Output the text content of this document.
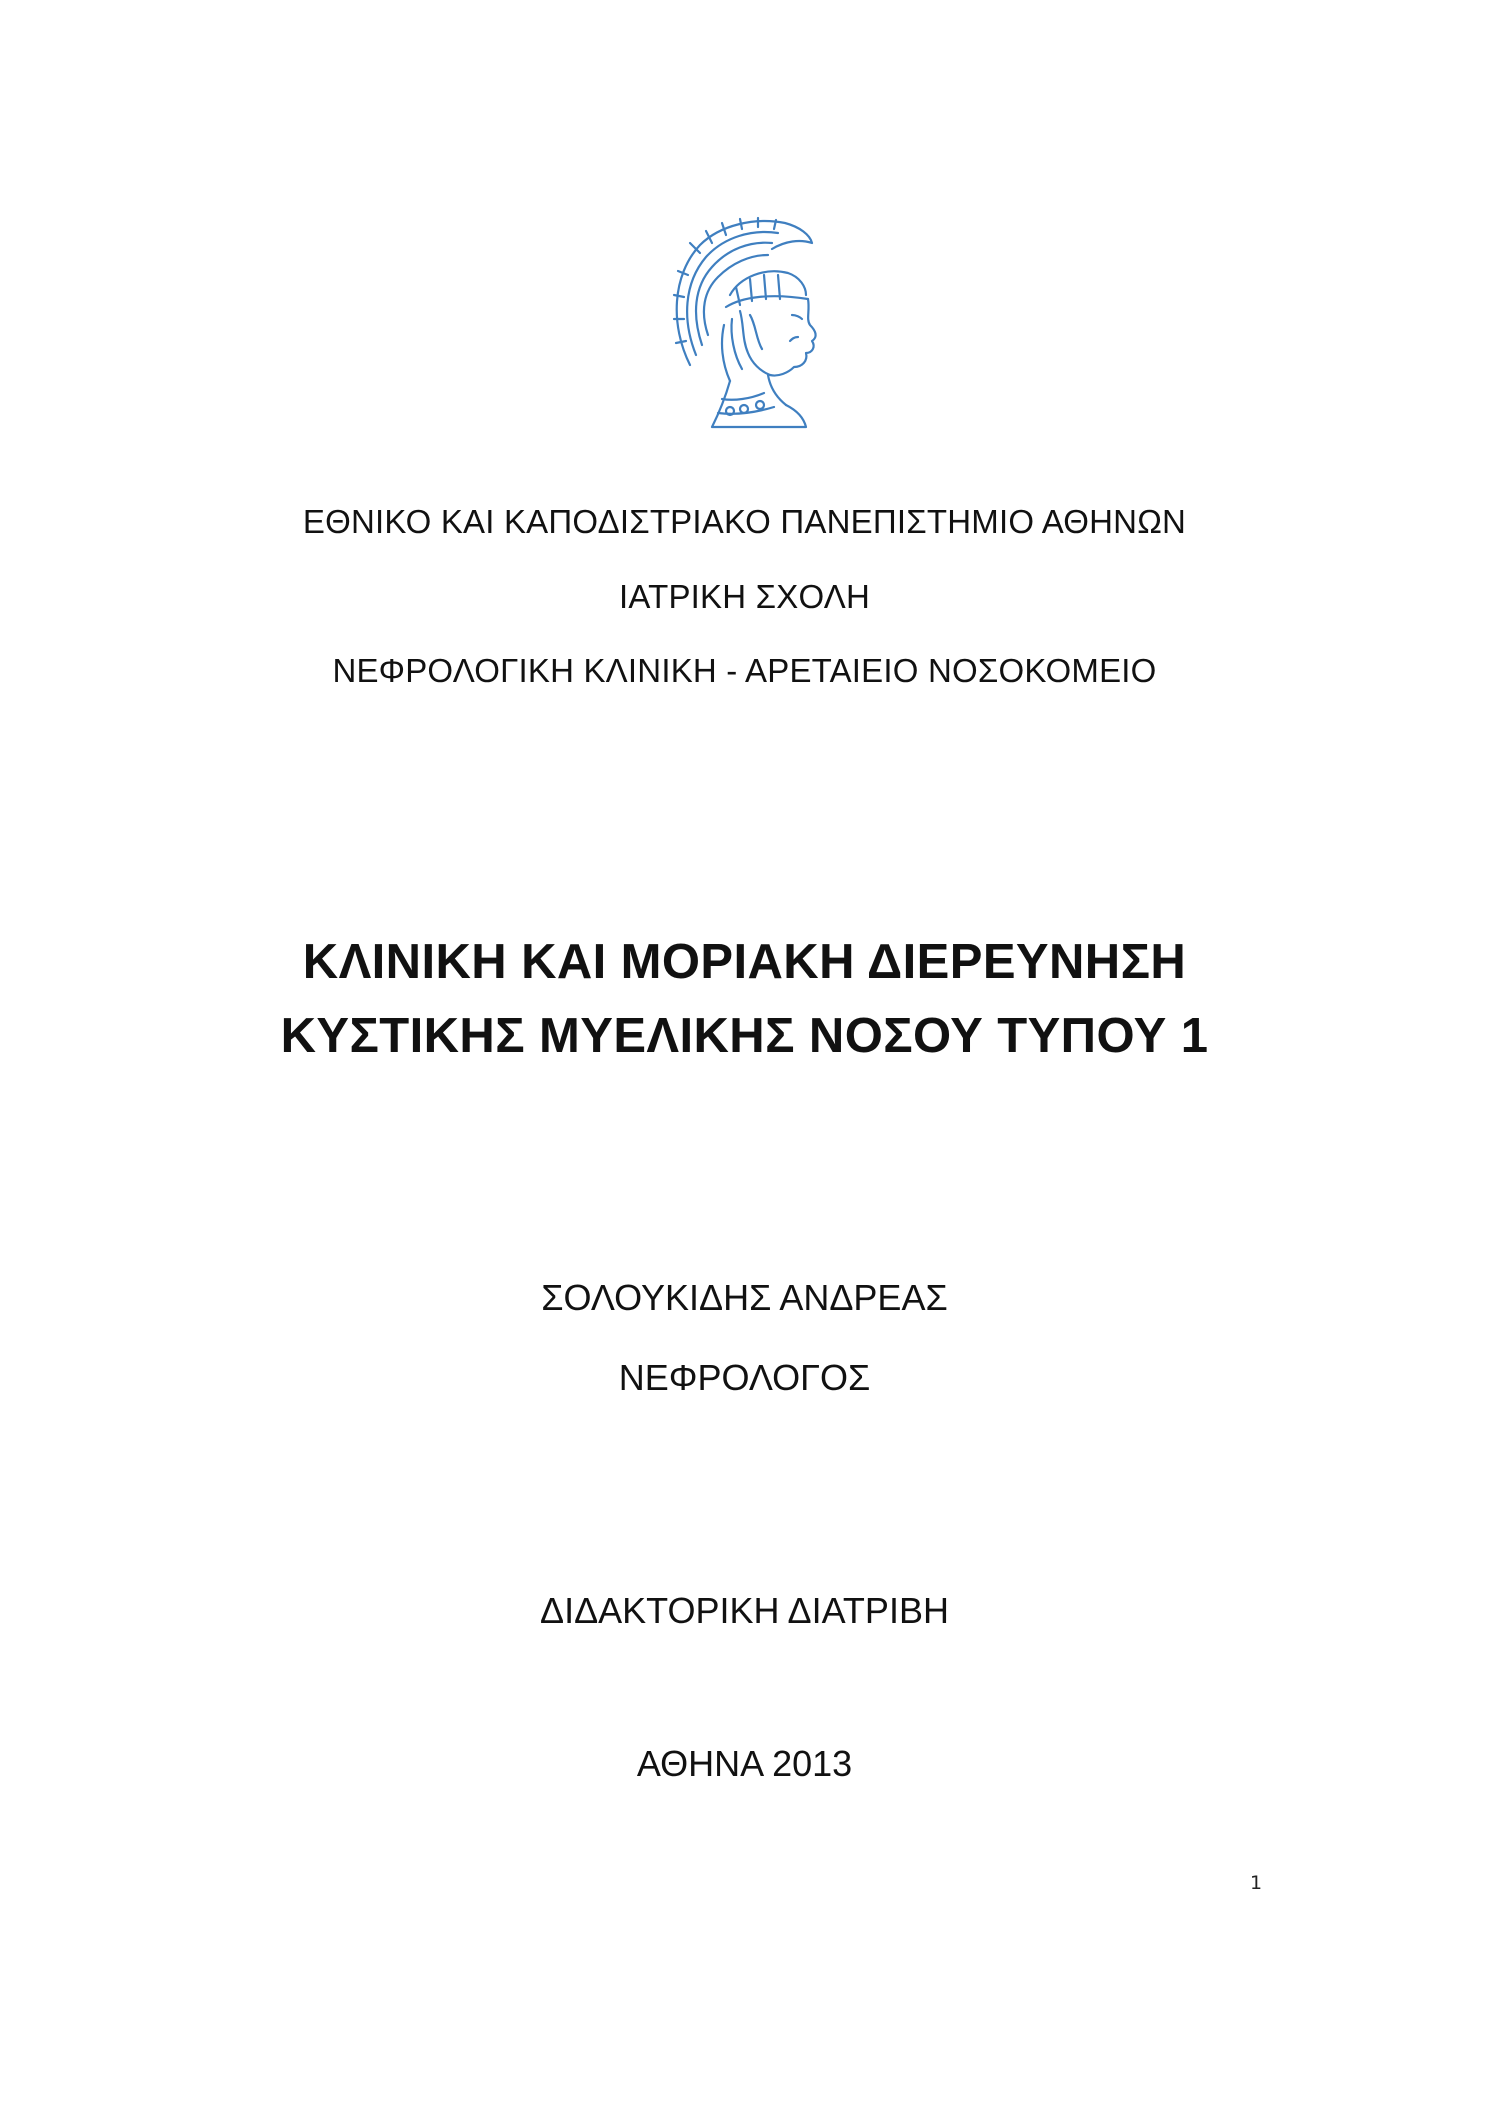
ΕΘΝΙΚΟ ΚΑΙ ΚΑΠΟΔΙΣΤΡΙΑΚΟ ΠΑΝΕΠΙΣΤΗΜΙΟ ΑΘΗΝΩΝ
ΙΑΤΡΙΚΗ ΣΧΟΛΗ
ΝΕΦΡΟΛΟΓΙΚΗ ΚΛΙΝΙΚΗ - ΑΡΕΤΑΙΕΙΟ ΝΟΣΟΚΟΜΕΙΟ
ΚΛΙΝΙΚΗ ΚΑΙ ΜΟΡΙΑΚΗ ΔΙΕΡΕΥΝΗΣΗ
ΚΥΣΤΙΚΗΣ ΜΥΕΛΙΚΗΣ ΝΟΣΟΥ ΤΥΠΟΥ 1
ΣΟΛΟΥΚΙΔΗΣ ΑΝΔΡΕΑΣ
ΝΕΦΡΟΛΟΓΟΣ
ΔΙΔΑΚΤΟΡΙΚΗ ΔΙΑΤΡΙΒΗ
ΑΘΗΝΑ 2013
1
